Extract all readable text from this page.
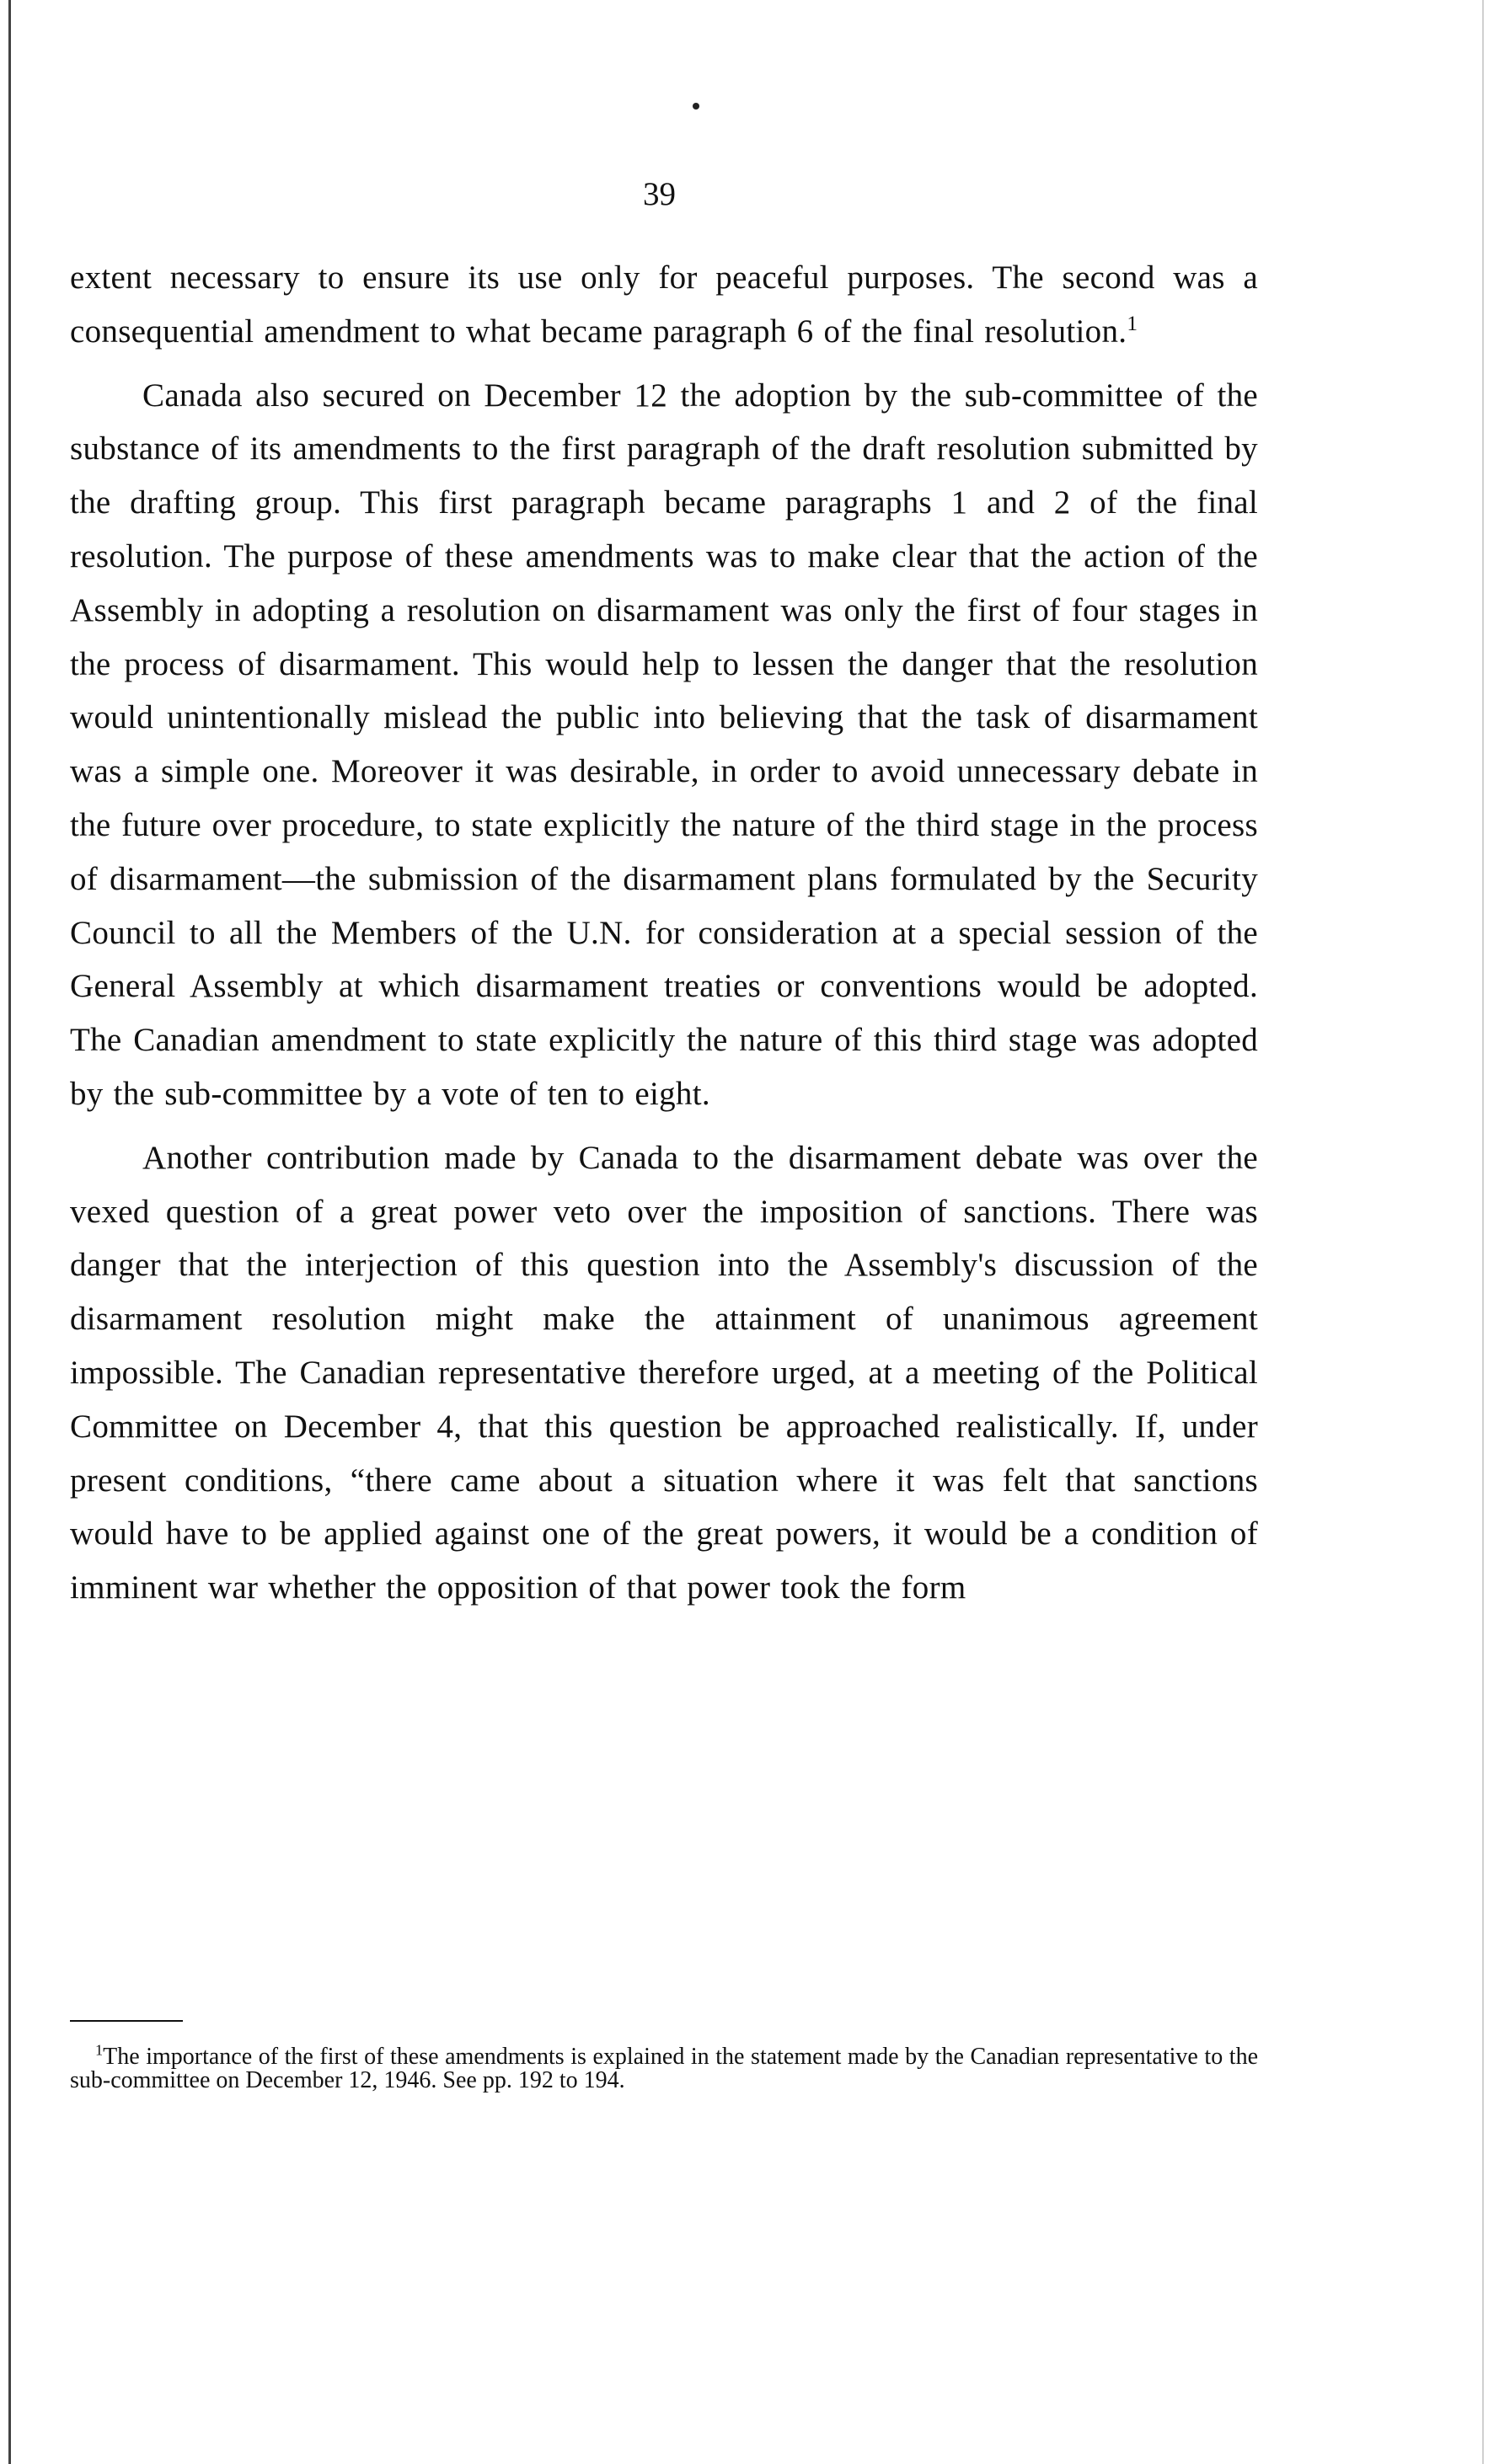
39

extent necessary to ensure its use only for peaceful purposes. The second was a consequential amendment to what became paragraph 6 of the final resolution.$^1$

Canada also secured on December 12 the adoption by the sub-committee of the substance of its amendments to the first paragraph of the draft resolution submitted by the drafting group. This first paragraph became paragraphs 1 and 2 of the final resolution. The purpose of these amendments was to make clear that the action of the Assembly in adopting a resolution on disarmament was only the first of four stages in the process of disarmament. This would help to lessen the danger that the resolution would unintentionally mislead the public into believing that the task of disarmament was a simple one. Moreover it was desirable, in order to avoid unnecessary debate in the future over procedure, to state explicitly the nature of the third stage in the process of disarmament—the submission of the disarmament plans formulated by the Security Council to all the Members of the U.N. for consideration at a special session of the General Assembly at which disarmament treaties or conventions would be adopted. The Canadian amendment to state explicitly the nature of this third stage was adopted by the sub-committee by a vote of ten to eight.

Another contribution made by Canada to the disarmament debate was over the vexed question of a great power veto over the imposition of sanctions. There was danger that the interjection of this question into the Assembly's discussion of the disarmament resolution might make the attainment of unanimous agreement impossible. The Canadian representative therefore urged, at a meeting of the Political Committee on December 4, that this question be approached realistically. If, under present conditions, “there came about a situation where it was felt that sanctions would have to be applied against one of the great powers, it would be a condition of imminent war whether the opposition of that power took the form

$^1$The importance of the first of these amendments is explained in the statement made by the Canadian representative to the sub-committee on December 12, 1946. See pp. 192 to 194.
